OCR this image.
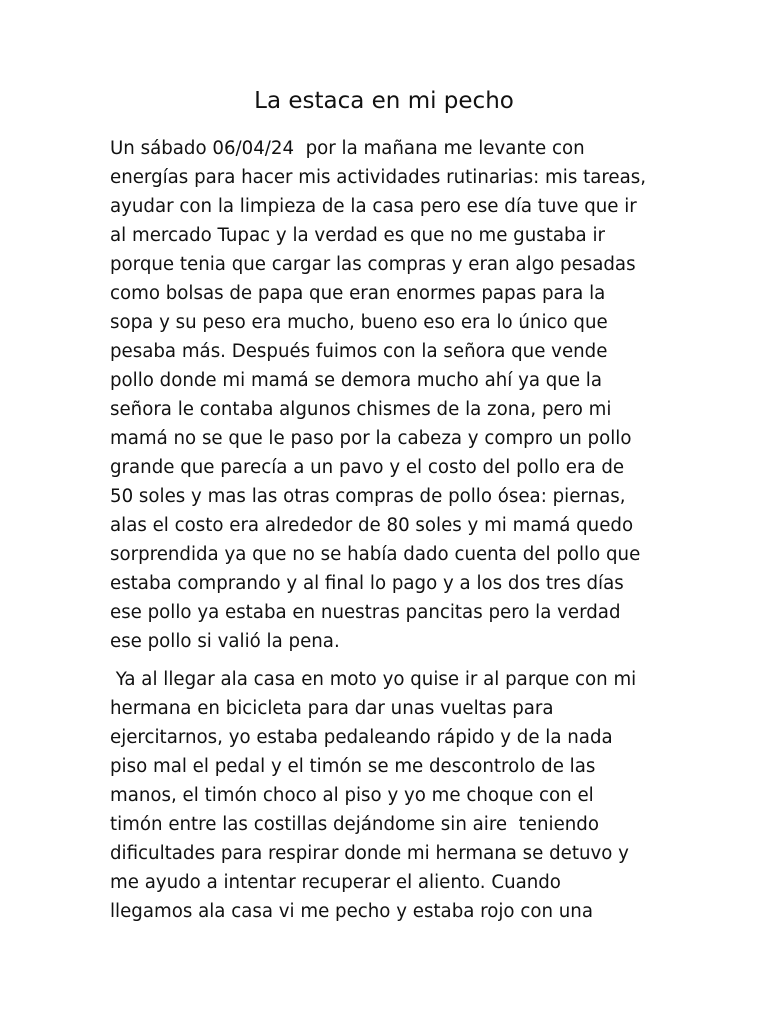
La estaca en mi pecho
Un sábado 06/04/24  por la mañana me levante con
energías para hacer mis actividades rutinarias: mis tareas,
ayudar con la limpieza de la casa pero ese día tuve que ir
al mercado Tupac y la verdad es que no me gustaba ir
porque tenia que cargar las compras y eran algo pesadas
como bolsas de papa que eran enormes papas para la
sopa y su peso era mucho, bueno eso era lo único que
pesaba más. Después fuimos con la señora que vende
pollo donde mi mamá se demora mucho ahí ya que la
señora le contaba algunos chismes de la zona, pero mi
mamá no se que le paso por la cabeza y compro un pollo
grande que parecía a un pavo y el costo del pollo era de
50 soles y mas las otras compras de pollo ósea: piernas,
alas el costo era alrededor de 80 soles y mi mamá quedo
sorprendida ya que no se había dado cuenta del pollo que
estaba comprando y al final lo pago y a los dos tres días
ese pollo ya estaba en nuestras pancitas pero la verdad
ese pollo si valió la pena.
Ya al llegar ala casa en moto yo quise ir al parque con mi
hermana en bicicleta para dar unas vueltas para
ejercitarnos, yo estaba pedaleando rápido y de la nada
piso mal el pedal y el timón se me descontrolo de las
manos, el timón choco al piso y yo me choque con el
timón entre las costillas dejándome sin aire  teniendo
dificultades para respirar donde mi hermana se detuvo y
me ayudo a intentar recuperar el aliento. Cuando
llegamos ala casa vi me pecho y estaba rojo con una
